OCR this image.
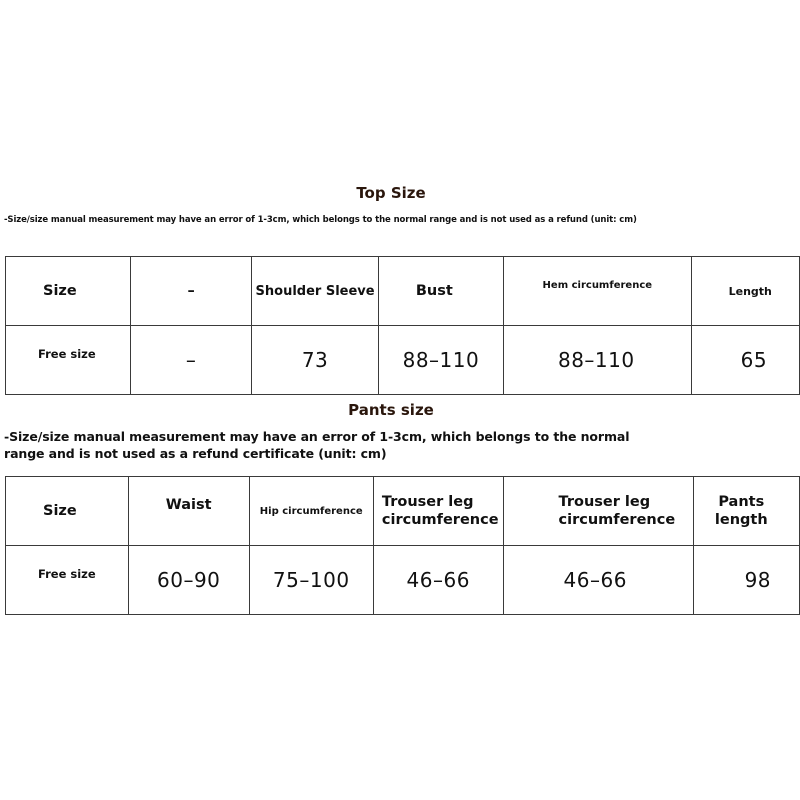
Top Size
-Size/size manual measurement may have an error of 1-3cm, which belongs to the normal range and is not used as a refund (unit: cm)
Size	–	Shoulder Sleeve	Bust	Hem circumference	Length
Free size	–	73	88–110	88–110	65
Pants size
-Size/size manual measurement may have an error of 1-3cm, which belongs to the normal
range and is not used as a refund certificate (unit: cm)
Size	Waist	Hip circumference	Trouser leg circumference	Trouser leg circumference	Pants length
Free size	60–90	75–100	46–66	46–66	98
